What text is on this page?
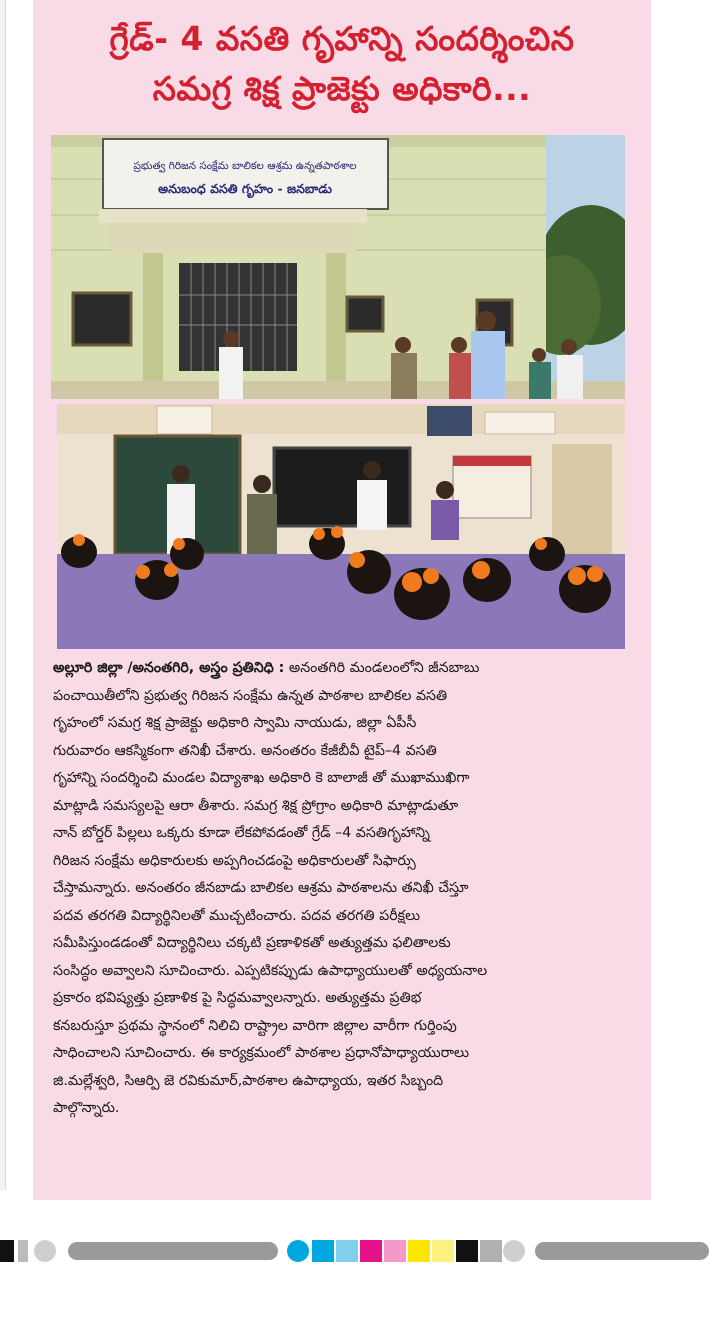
గ్రేడ్- 4 వసతి గృహాన్ని సందర్శించిన
సమగ్ర శిక్ష ప్రాజెక్టు అధికారి...
ప్రభుత్వ గిరిజన సంక్షేమ బాలికల ఆశ్రమ ఉన్నతపాఠశాల
అనుబంధ వసతి గృహం - జనబాడు
అల్లూరి జిల్లా /అనంతగిరి, అస్త్రం ప్రతినిధి : అనంతగిరి మండలంలోని జీనబాబు
పంచాయితీలోని ప్రభుత్వ గిరిజన సంక్షేమ ఉన్నత పాఠశాల బాలికల వసతి
గృహంలో సమగ్ర శిక్ష ప్రాజెక్టు అధికారి స్వామి నాయుడు, జిల్లా ఏపీసీ
గురువారం ఆకస్మికంగా తనిఖీ చేశారు. అనంతరం కేజీబీవీ టైప్–4 వసతి
గృహాన్ని సందర్శించి మండల విద్యాశాఖ అధికారి కె బాలాజీ తో ముఖాముఖిగా
మాట్లాడి సమస్యలపై ఆరా తీశారు. సమగ్ర శిక్ష ప్రోగ్రాం అధికారి మాట్లాడుతూ
నాన్ బోర్డర్ పిల్లలు ఒక్కరు కూడా లేకపోవడంతో గ్రేడ్ –4 వసతిగృహాన్ని
గిరిజన సంక్షేమ అధికారులకు అప్పగించడంపై అధికారులతో సిఫార్సు
చేస్తామన్నారు. అనంతరం జీనబాడు బాలికల ఆశ్రమ పాఠశాలను తనిఖీ చేస్తూ
పదవ తరగతి విద్యార్థినిలతో ముచ్చటించారు. పదవ తరగతి పరీక్షలు
సమీపిస్తుండడంతో విద్యార్థినిలు చక్కటి ప్రణాళికతో అత్యుత్తమ ఫలితాలకు
సంసిద్ధం అవ్వాలని సూచించారు. ఎప్పటికప్పుడు ఉపాధ్యాయులతో అధ్యయనాల
ప్రకారం భవిష్యత్తు ప్రణాళిక పై సిద్ధమవ్వాలన్నారు. అత్యుత్తమ ప్రతిభ
కనబరుస్తూ ప్రథమ స్థానంలో నిలిచి రాష్ట్రాల వారిగా జిల్లాల వారీగా గుర్తింపు
సాధించాలని సూచించారు. ఈ కార్యక్రమంలో పాఠశాల ప్రధానోపాధ్యాయురాలు
జి.మల్లేశ్వరి, సిఆర్పి జె రవికుమార్,పాఠశాల ఉపాధ్యాయ, ఇతర సిబ్బంది
పాల్గొన్నారు.
